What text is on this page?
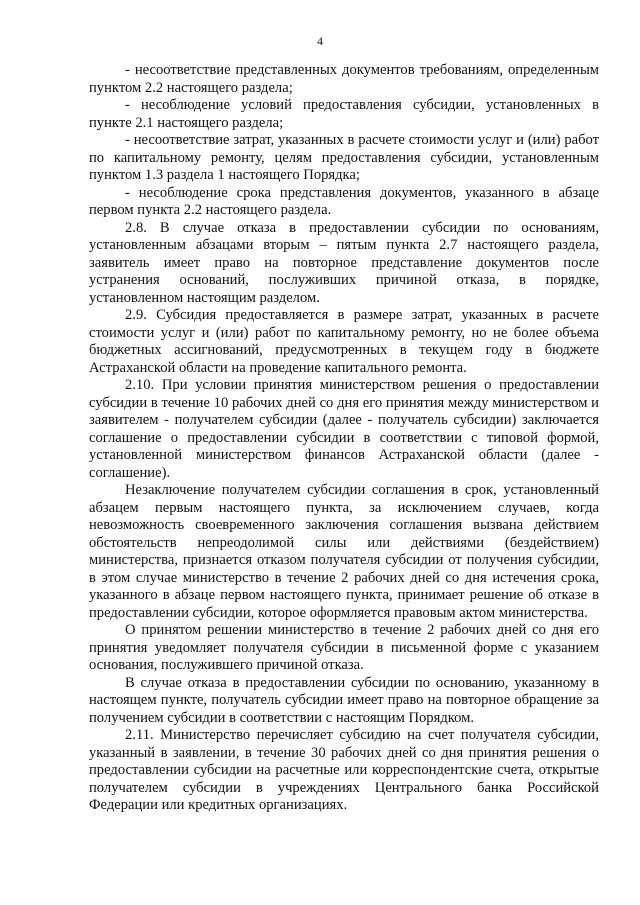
4

- несоответствие представленных документов требованиям, определенным пунктом 2.2 настоящего раздела;

- несоблюдение условий предоставления субсидии, установленных в пункте 2.1 настоящего раздела;

- несоответствие затрат, указанных в расчете стоимости услуг и (или) работ по капитальному ремонту, целям предоставления субсидии, установленным пунктом 1.3 раздела 1 настоящего Порядка;

- несоблюдение срока представления документов, указанного в абзаце первом пункта 2.2 настоящего раздела.

2.8. В случае отказа в предоставлении субсидии по основаниям, установленным абзацами вторым – пятым пункта 2.7 настоящего раздела, заявитель имеет право на повторное представление документов после устранения оснований, послуживших причиной отказа, в порядке, установленном настоящим разделом.

2.9. Субсидия предоставляется в размере затрат, указанных в расчете стоимости услуг и (или) работ по капитальному ремонту, но не более объема бюджетных ассигнований, предусмотренных в текущем году в бюджете Астраханской области на проведение капитального ремонта.

2.10. При условии принятия министерством решения о предоставлении субсидии в течение 10 рабочих дней со дня его принятия между министерством и заявителем - получателем субсидии (далее - получатель субсидии) заключается соглашение о предоставлении субсидии в соответствии с типовой формой, установленной министерством финансов Астраханской области (далее - соглашение).

Незаключение получателем субсидии соглашения в срок, установленный абзацем первым настоящего пункта, за исключением случаев, когда невозможность своевременного заключения соглашения вызвана действием обстоятельств непреодолимой силы или действиями (бездействием) министерства, признается отказом получателя субсидии от получения субсидии, в этом случае министерство в течение 2 рабочих дней со дня истечения срока, указанного в абзаце первом настоящего пункта, принимает решение об отказе в предоставлении субсидии, которое оформляется правовым актом министерства.

О принятом решении министерство в течение 2 рабочих дней со дня его принятия уведомляет получателя субсидии в письменной форме с указанием основания, послужившего причиной отказа.

В случае отказа в предоставлении субсидии по основанию, указанному в настоящем пункте, получатель субсидии имеет право на повторное обращение за получением субсидии в соответствии с настоящим Порядком.

2.11. Министерство перечисляет субсидию на счет получателя субсидии, указанный в заявлении, в течение 30 рабочих дней со дня принятия решения о предоставлении субсидии на расчетные или корреспондентские счета, открытые получателем субсидии в учреждениях Центрального банка Российской Федерации или кредитных организациях.
